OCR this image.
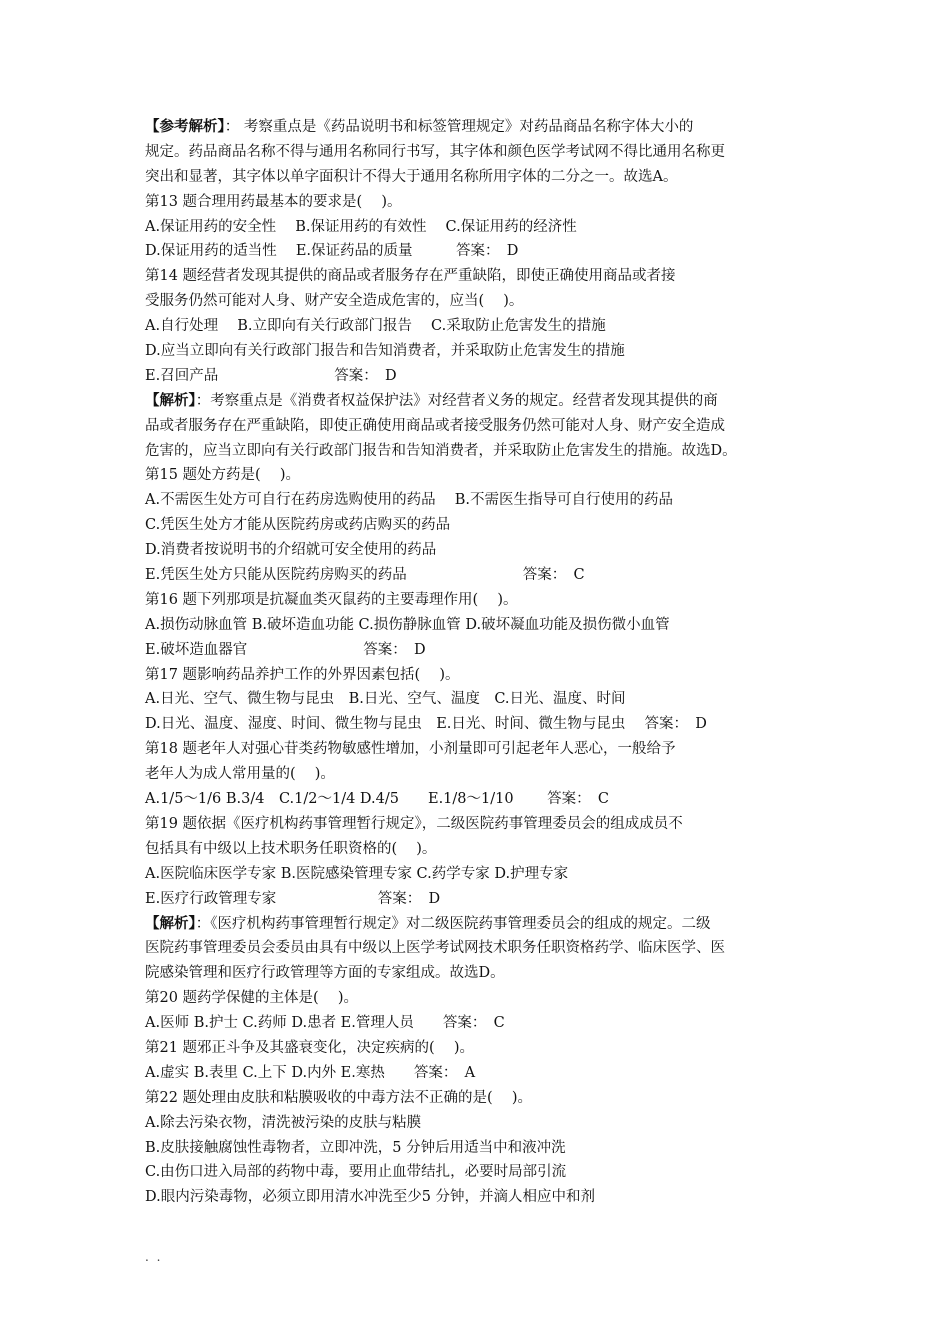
【参考解析】： 考察重点是《药品说明书和标签管理规定》对药品商品名称字体大小的
规定。药品商品名称不得与通用名称同行书写，其字体和颜色医学考试网不得比通用名称更
突出和显著，其字体以单字面积计不得大于通用名称所用字体的二分之一。故选A。
第13 题合理用药最基本的要求是(　 )。
A.保证用药的安全性　 B.保证用药的有效性　 C.保证用药的经济性
D.保证用药的适当性　 E.保证药品的质量　　　答案：　D
第14 题经营者发现其提供的商品或者服务存在严重缺陷，即使正确使用商品或者接
受服务仍然可能对人身、财产安全造成危害的，应当(　 )。
A.自行处理　 B.立即向有关行政部门报告　 C.采取防止危害发生的措施
D.应当立即向有关行政部门报告和告知消费者，并采取防止危害发生的措施
E.召回产品　　　　　　　　答案：　D
【解析】：考察重点是《消费者权益保护法》对经营者义务的规定。经营者发现其提供的商
品或者服务存在严重缺陷，即使正确使用商品或者接受服务仍然可能对人身、财产安全造成
危害的，应当立即向有关行政部门报告和告知消费者，并采取防止危害发生的措施。故选D。
第15 题处方药是(　 )。
A.不需医生处方可自行在药房选购使用的药品　 B.不需医生指导可自行使用的药品
C.凭医生处方才能从医院药房或药店购买的药品
D.消费者按说明书的介绍就可安全使用的药品
E.凭医生处方只能从医院药房购买的药品　　　　　　　　答案：　C
第16 题下列那项是抗凝血类灭鼠药的主要毒理作用(　 )。
A.损伤动脉血管 B.破坏造血功能 C.损伤静脉血管 D.破坏凝血功能及损伤微小血管
E.破坏造血器官　　　　　　　　答案：　D
第17 题影响药品养护工作的外界因素包括(　 )。
A.日光、空气、微生物与昆虫　B.日光、空气、温度　C.日光、温度、时间
D.日光、温度、湿度、时间、微生物与昆虫　E.日光、时间、微生物与昆虫　 答案：　D
第18 题老年人对强心苷类药物敏感性增加，小剂量即可引起老年人恶心，一般给予
老年人为成人常用量的(　 )。
A.1/5～1/6 B.3/4　C.1/2～1/4 D.4/5　　E.1/8～1/10　　 答案：　C
第19 题依据《医疗机构药事管理暂行规定》，二级医院药事管理委员会的组成成员不
包括具有中级以上技术职务任职资格的(　 )。
A.医院临床医学专家 B.医院感染管理专家 C.药学专家 D.护理专家
E.医疗行政管理专家　　　　　　　答案：　D
【解析】：《医疗机构药事管理暂行规定》对二级医院药事管理委员会的组成的规定。二级
医院药事管理委员会委员由具有中级以上医学考试网技术职务任职资格药学、临床医学、医
院感染管理和医疗行政管理等方面的专家组成。故选D。
第20 题药学保健的主体是(　 )。
A.医师 B.护士 C.药师 D.患者 E.管理人员　　答案：　C
第21 题邪正斗争及其盛衰变化，决定疾病的(　 )。
A.虚实 B.表里 C.上下 D.内外 E.寒热　　答案：　A
第22 题处理由皮肤和粘膜吸收的中毒方法不正确的是(　 )。
A.除去污染衣物，清洗被污染的皮肤与粘膜
B.皮肤接触腐蚀性毒物者，立即冲洗，5 分钟后用适当中和液冲洗
C.由伤口进入局部的药物中毒，要用止血带结扎，必要时局部引流
D.眼内污染毒物，必须立即用清水冲洗至少5 分钟，并滴人相应中和剂
. .
